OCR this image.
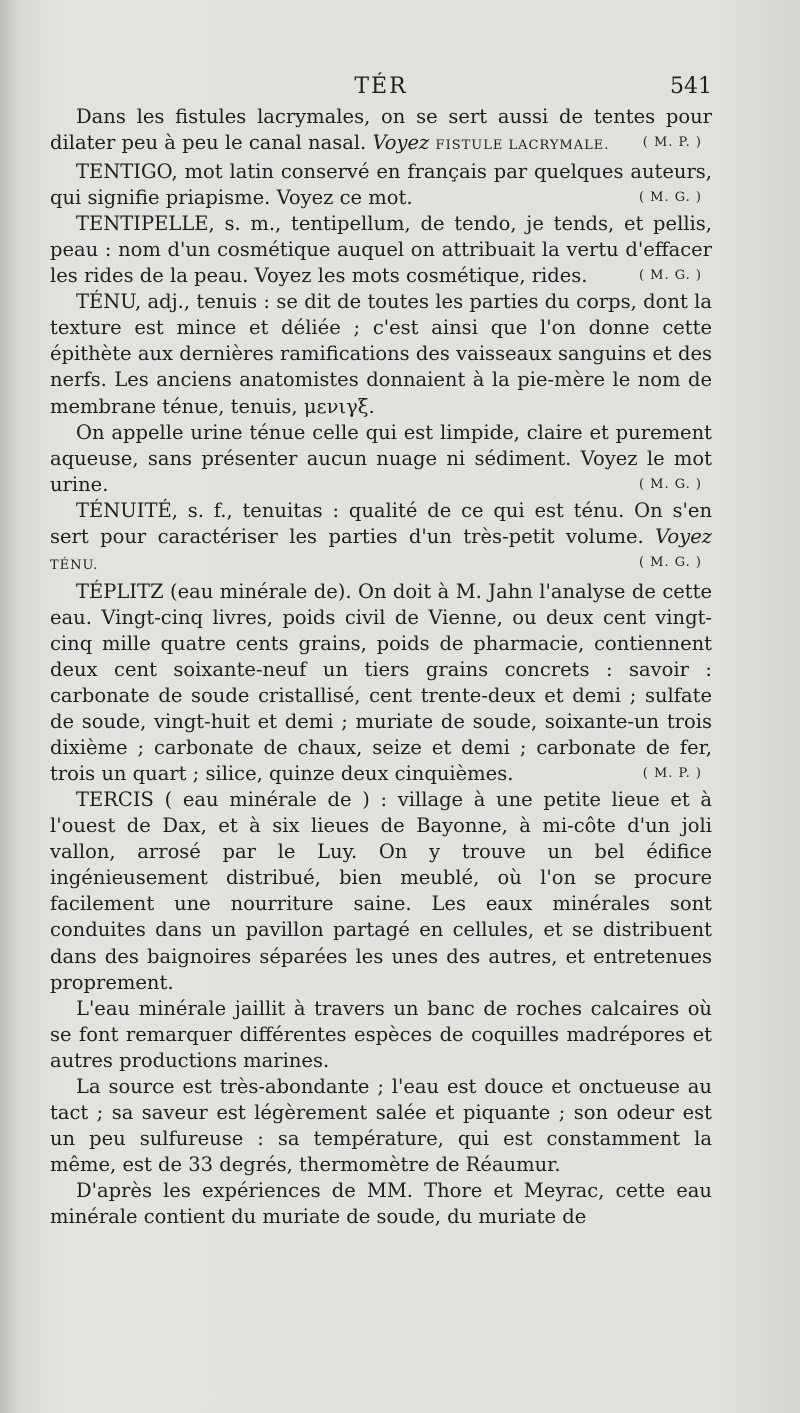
TÉR	541

Dans les fistules lacrymales, on se sert aussi de tentes pour dilater peu à peu le canal nasal. Voyez FISTULE LACRYMALE.	( M. P. )

TENTIGO, mot latin conservé en français par quelques auteurs, qui signifie priapisme. Voyez ce mot.	( M. G. )

TENTIPELLE, s. m., tentipellum, de tendo, je tends, et pellis, peau : nom d'un cosmétique auquel on attribuait la vertu d'effacer les rides de la peau. Voyez les mots cosmétique, rides.	( M. G. )

TÉNU, adj., tenuis : se dit de toutes les parties du corps, dont la texture est mince et déliée ; c'est ainsi que l'on donne cette épithète aux dernières ramifications des vaisseaux sanguins et des nerfs. Les anciens anatomistes donnaient à la pie-mère le nom de membrane ténue, tenuis, μενιγξ.

On appelle urine ténue celle qui est limpide, claire et purement aqueuse, sans présenter aucun nuage ni sédiment. Voyez le mot urine.	( M. G. )

TÉNUITÉ, s. f., tenuitas : qualité de ce qui est ténu. On s'en sert pour caractériser les parties d'un très-petit volume. Voyez TÉNU.	( M. G. )

TÉPLITZ (eau minérale de). On doit à M. Jahn l'analyse de cette eau. Vingt-cinq livres, poids civil de Vienne, ou deux cent vingt-cinq mille quatre cents grains, poids de pharmacie, contiennent deux cent soixante-neuf un tiers grains concrets : savoir : carbonate de soude cristallisé, cent trente-deux et demi ; sulfate de soude, vingt-huit et demi ; muriate de soude, soixante-un trois dixième ; carbonate de chaux, seize et demi ; carbonate de fer, trois un quart ; silice, quinze deux cinquièmes.	( M. P. )

TERCIS ( eau minérale de ) : village à une petite lieue et à l'ouest de Dax, et à six lieues de Bayonne, à mi-côte d'un joli vallon, arrosé par le Luy. On y trouve un bel édifice ingénieusement distribué, bien meublé, où l'on se procure facilement une nourriture saine. Les eaux minérales sont conduites dans un pavillon partagé en cellules, et se distribuent dans des baignoires séparées les unes des autres, et entretenues proprement.

L'eau minérale jaillit à travers un banc de roches calcaires où se font remarquer différentes espèces de coquilles madrépores et autres productions marines.

La source est très-abondante ; l'eau est douce et onctueuse au tact ; sa saveur est légèrement salée et piquante ; son odeur est un peu sulfureuse : sa température, qui est constamment la même, est de 33 degrés, thermomètre de Réaumur.

D'après les expériences de MM. Thore et Meyrac, cette eau minérale contient du muriate de soude, du muriate de
